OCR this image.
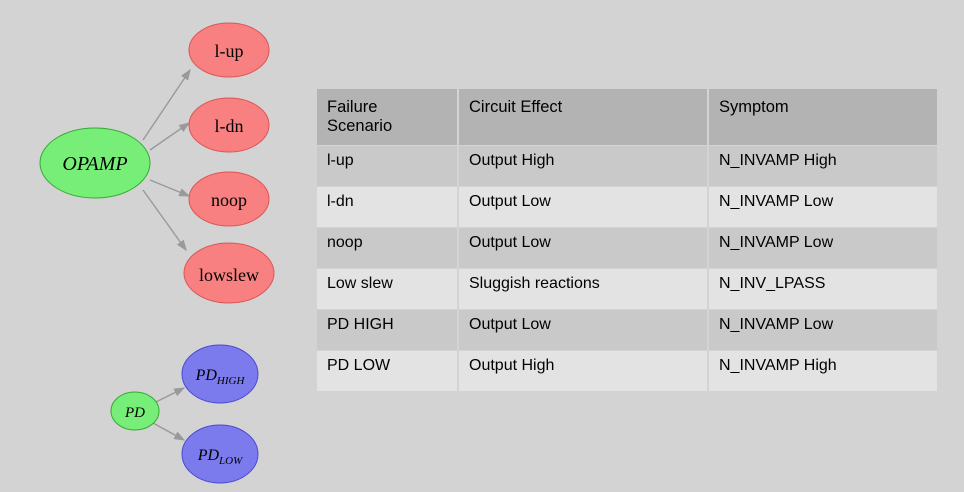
OPAMP
l-up
l-dn
noop
lowslew
PD
$PD_{HIGH}$
$PD_{LOW}$
Failure Scenario	Circuit Effect	Symptom
l-up	Output High	N_INVAMP High
l-dn	Output Low	N_INVAMP Low
noop	Output Low	N_INVAMP Low
Low slew	Sluggish reactions	N_INV_LPASS
PD HIGH	Output Low	N_INVAMP Low
PD LOW	Output High	N_INVAMP High
